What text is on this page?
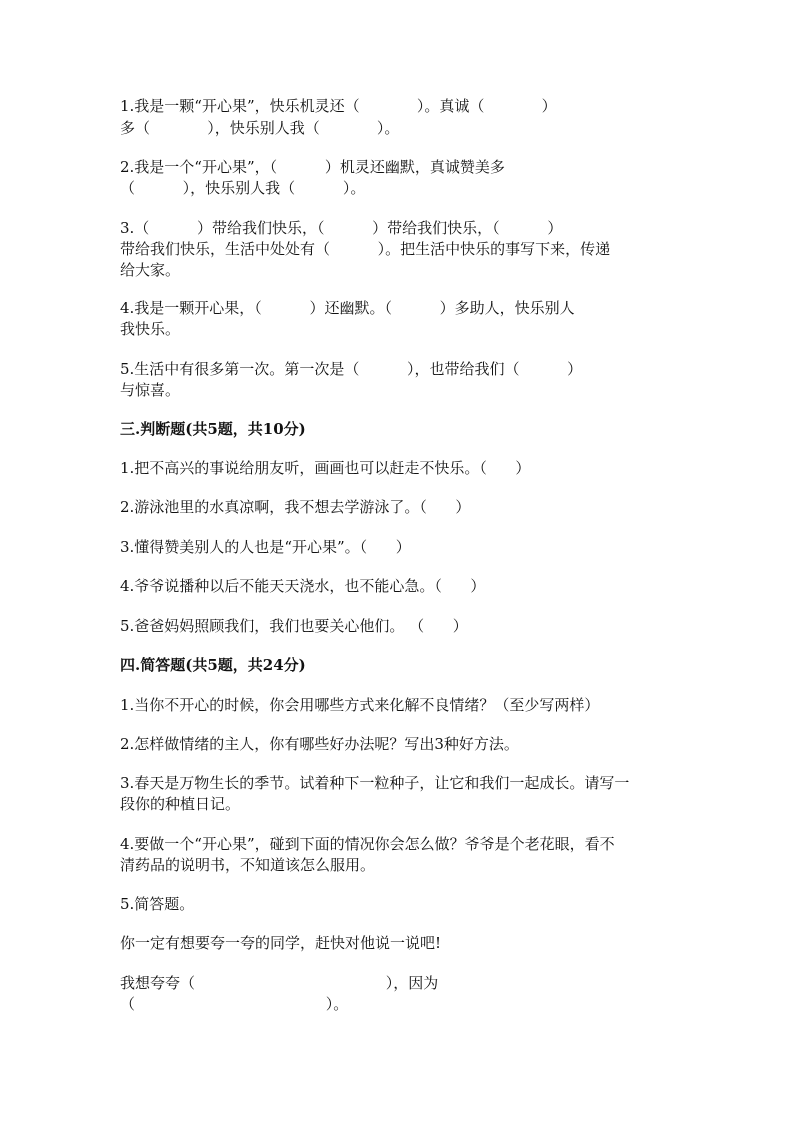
1.我是一颗“开心果”，快乐机灵还（            ）。真诚（            ）
多（            ），快乐别人我（            ）。
2.我是一个“开心果”，（          ）机灵还幽默，真诚赞美多
（          ），快乐别人我（          ）。
3.（          ）带给我们快乐，（          ）带给我们快乐，（          ）
带给我们快乐，生活中处处有（          ）。把生活中快乐的事写下来，传递
给大家。
4.我是一颗开心果，（          ）还幽默。（          ）多助人，快乐别人
我快乐。
5.生活中有很多第一次。第一次是（          ），也带给我们（          ）
与惊喜。
三.判断题(共5题，共10分)
1.把不高兴的事说给朋友听，画画也可以赶走不快乐。（      ）
2.游泳池里的水真凉啊，我不想去学游泳了。（      ）
3.懂得赞美别人的人也是“开心果”。（      ）
4.爷爷说播种以后不能天天浇水，也不能心急。（      ）
5.爸爸妈妈照顾我们，我们也要关心他们。 （      ）
四.简答题(共5题，共24分)
1.当你不开心的时候，你会用哪些方式来化解不良情绪？（至少写两样）
2.怎样做情绪的主人，你有哪些好办法呢？写出3种好方法。
3.春天是万物生长的季节。试着种下一粒种子，让它和我们一起成长。请写一
段你的种植日记。
4.要做一个“开心果”，碰到下面的情况你会怎么做？爷爷是个老花眼，看不
清药品的说明书，不知道该怎么服用。
5.简答题。
你一定有想要夸一夸的同学，赶快对他说一说吧!
我想夸夸（                                        ），因为
（                                        ）。
